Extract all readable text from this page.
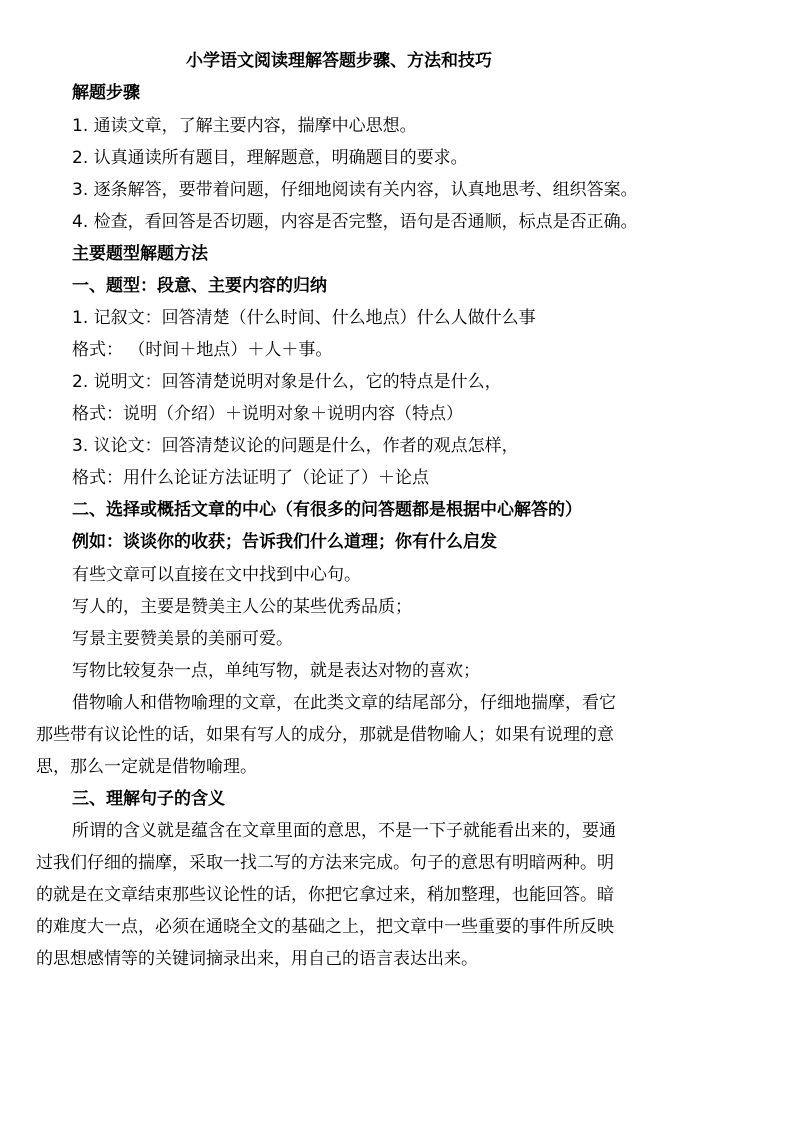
小学语文阅读理解答题步骤、方法和技巧
解题步骤
1. 通读文章，了解主要内容，揣摩中心思想。
2. 认真通读所有题目，理解题意，明确题目的要求。
3. 逐条解答，要带着问题，仔细地阅读有关内容，认真地思考、组织答案。
4. 检查，看回答是否切题，内容是否完整，语句是否通顺，标点是否正确。
主要题型解题方法
一、题型：段意、主要内容的归纳
1. 记叙文：回答清楚（什么时间、什么地点）什么人做什么事
格式： （时间＋地点）＋人＋事。
2. 说明文：回答清楚说明对象是什么，它的特点是什么，
格式：说明（介绍）＋说明对象＋说明内容（特点）
3. 议论文：回答清楚议论的问题是什么，作者的观点怎样，
格式：用什么论证方法证明了（论证了）＋论点
二、选择或概括文章的中心（有很多的问答题都是根据中心解答的）
例如：谈谈你的收获；告诉我们什么道理；你有什么启发
有些文章可以直接在文中找到中心句。
写人的，主要是赞美主人公的某些优秀品质；
写景主要赞美景的美丽可爱。
写物比较复杂一点，单纯写物，就是表达对物的喜欢；
借物喻人和借物喻理的文章，在此类文章的结尾部分，仔细地揣摩，看它
那些带有议论性的话，如果有写人的成分，那就是借物喻人；如果有说理的意
思，那么一定就是借物喻理。
三、理解句子的含义
所谓的含义就是蕴含在文章里面的意思，不是一下子就能看出来的，要通
过我们仔细的揣摩，采取一找二写的方法来完成。句子的意思有明暗两种。明
的就是在文章结束那些议论性的话，你把它拿过来，稍加整理，也能回答。暗
的难度大一点，必须在通晓全文的基础之上，把文章中一些重要的事件所反映
的思想感情等的关键词摘录出来，用自己的语言表达出来。
